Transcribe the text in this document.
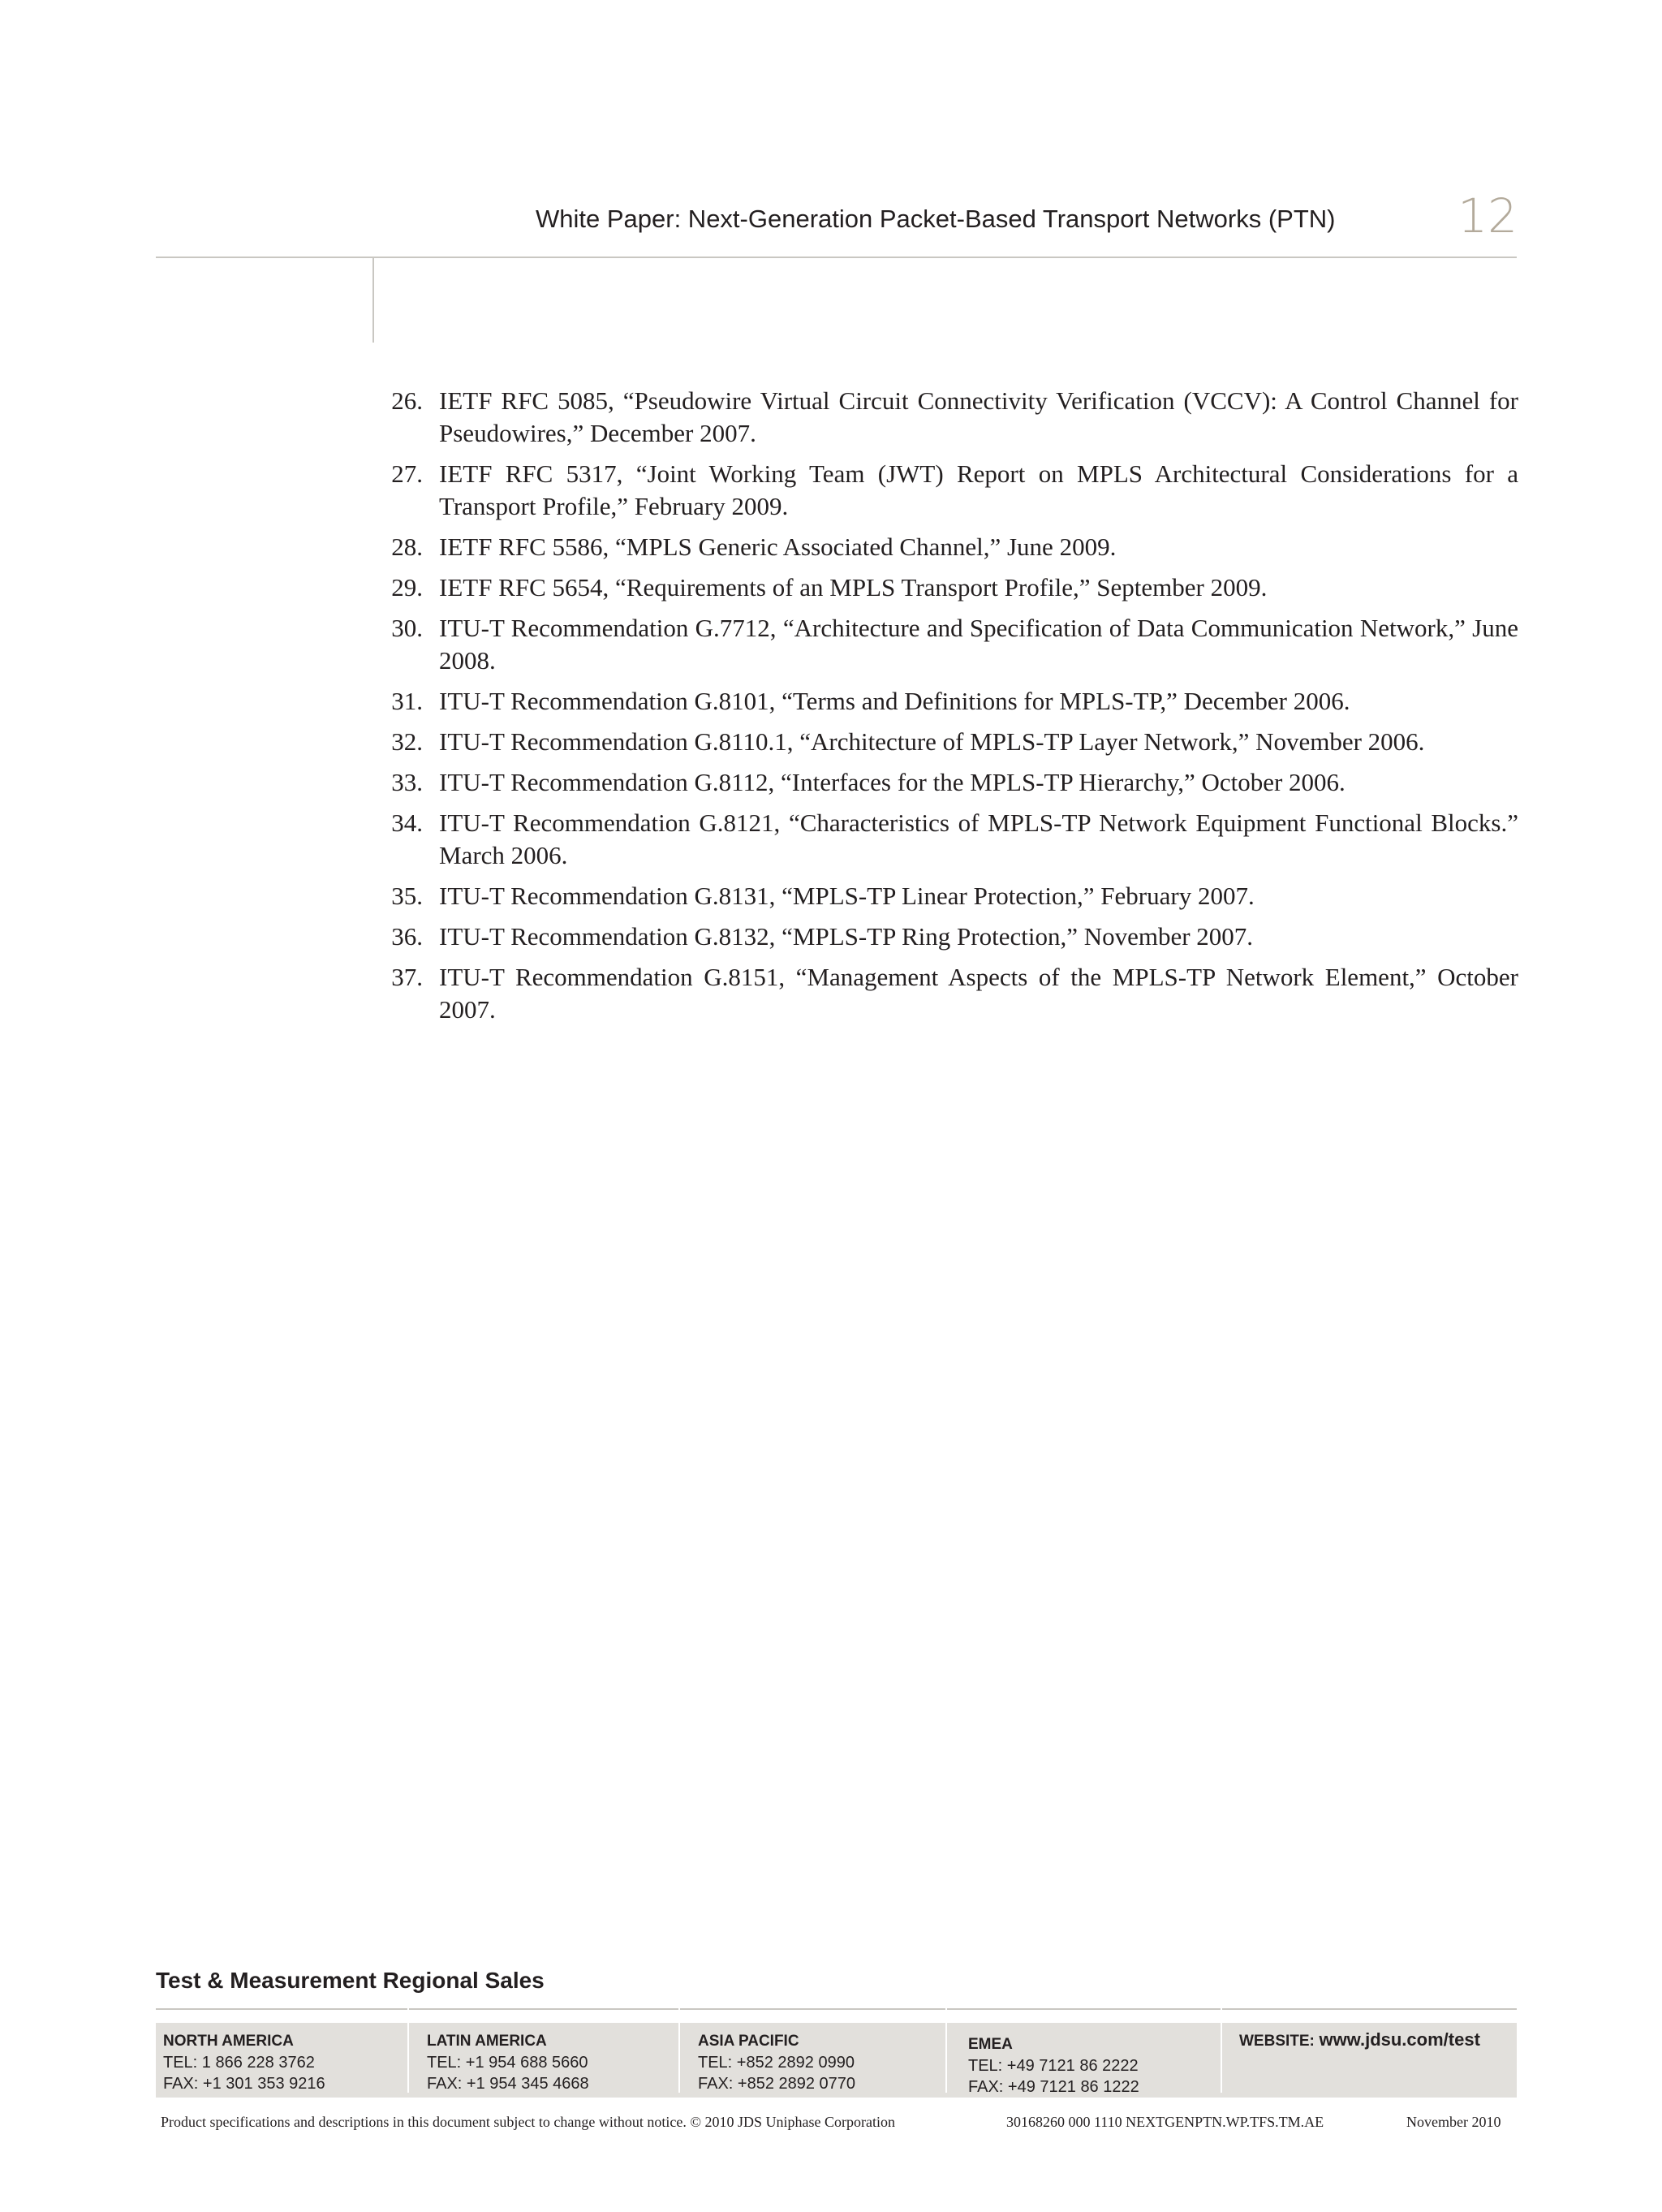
White Paper: Next-Generation Packet-Based Transport Networks (PTN)	12
26. IETF RFC 5085, “Pseudowire Virtual Circuit Connectivity Verification (VCCV): A Control Channel for Pseudowires,” December 2007.
27. IETF RFC 5317, “Joint Working Team (JWT) Report on MPLS Architectural Considerations for a Transport Profile,” February 2009.
28. IETF RFC 5586, “MPLS Generic Associated Channel,” June 2009.
29. IETF RFC 5654, “Requirements of an MPLS Transport Profile,” September 2009.
30. ITU-T Recommendation G.7712, “Architecture and Specification of Data Communication Network,” June 2008.
31. ITU-T Recommendation G.8101, “Terms and Definitions for MPLS-TP,” December 2006.
32. ITU-T Recommendation G.8110.1, “Architecture of MPLS-TP Layer Network,” November 2006.
33. ITU-T Recommendation G.8112, “Interfaces for the MPLS-TP Hierarchy,” October 2006.
34. ITU-T Recommendation G.8121, “Characteristics of MPLS-TP Network Equipment Functional Blocks.” March 2006.
35. ITU-T Recommendation G.8131, “MPLS-TP Linear Protection,” February 2007.
36. ITU-T Recommendation G.8132, “MPLS-TP Ring Protection,” November 2007.
37. ITU-T Recommendation G.8151, “Management Aspects of the MPLS-TP Network Element,” October 2007.
Test & Measurement Regional Sales
NORTH AMERICA
TEL: 1 866 228 3762
FAX: +1 301 353 9216
LATIN AMERICA
TEL: +1 954 688 5660
FAX: +1 954 345 4668
ASIA PACIFIC
TEL: +852 2892 0990
FAX: +852 2892 0770
EMEA
TEL: +49 7121 86 2222
FAX: +49 7121 86 1222
WEBSITE: www.jdsu.com/test
Product specifications and descriptions in this document subject to change without notice. © 2010 JDS Uniphase Corporation	30168260 000 1110 NEXTGENPTN.WP.TFS.TM.AE	November 2010
